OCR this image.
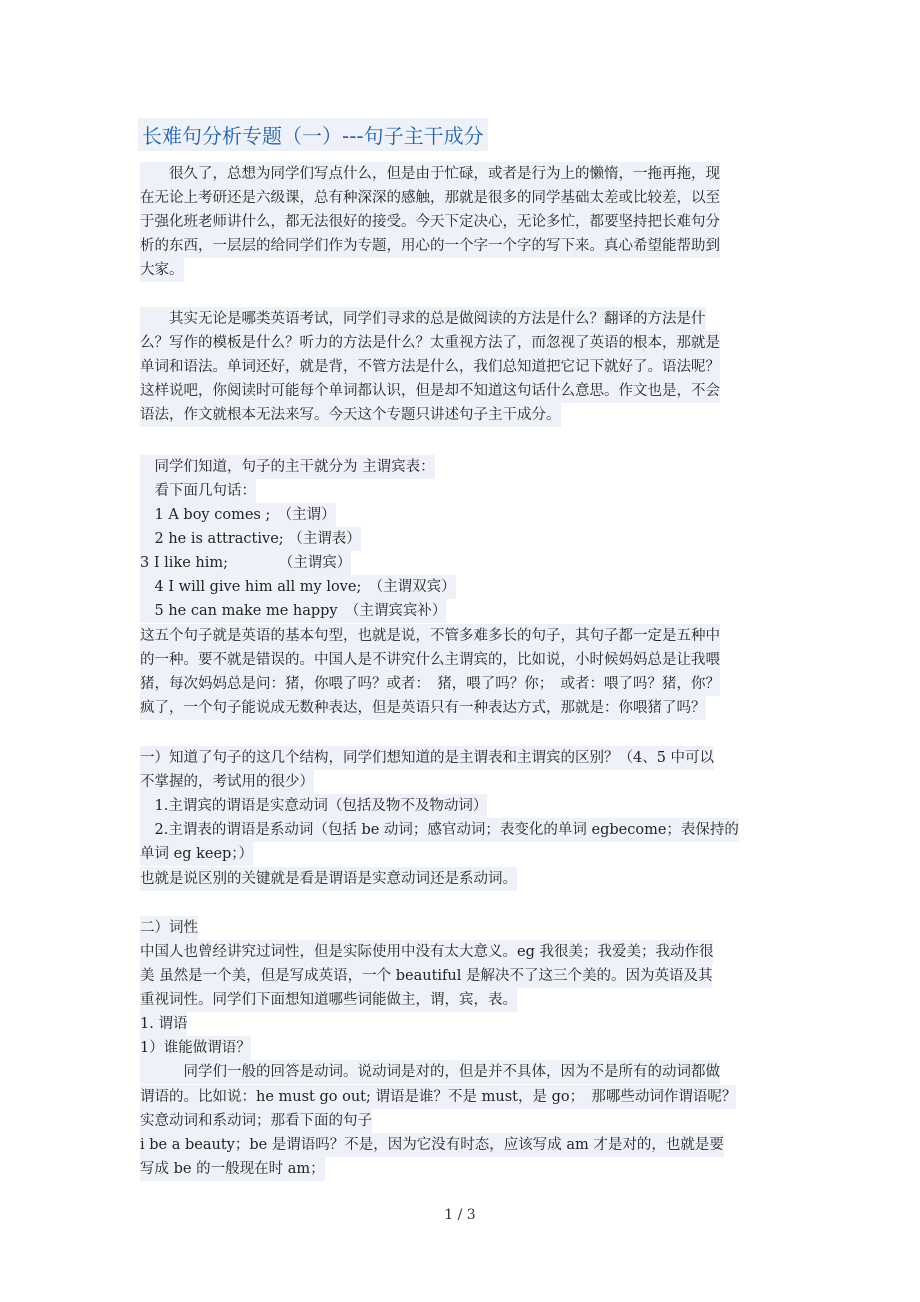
长难句分析专题（一）---句子主干成分
　　很久了，总想为同学们写点什么，但是由于忙碌，或者是行为上的懒惰，一拖再拖，现
在无论上考研还是六级课，总有种深深的感触，那就是很多的同学基础太差或比较差，以至
于强化班老师讲什么，都无法很好的接受。今天下定决心，无论多忙，都要坚持把长难句分
析的东西，一层层的给同学们作为专题，用心的一个字一个字的写下来。真心希望能帮助到
大家。
　　其实无论是哪类英语考试，同学们寻求的总是做阅读的方法是什么？翻译的方法是什
么？写作的模板是什么？听力的方法是什么？太重视方法了，而忽视了英语的根本，那就是
单词和语法。单词还好，就是背，不管方法是什么，我们总知道把它记下就好了。语法呢？
这样说吧，你阅读时可能每个单词都认识，但是却不知道这句话什么意思。作文也是，不会
语法，作文就根本无法来写。今天这个专题只讲述句子主干成分。
　同学们知道，句子的主干就分为 主谓宾表：
　看下面几句话：
　1 A boy comes ;　（主谓）
　2 he is attractive; （主谓表）
3 I like him;　　　　（主谓宾）
　4 I will give him all my love;　（主谓双宾）
　5 he can make me happy　（主谓宾宾补）
这五个句子就是英语的基本句型，也就是说，不管多难多长的句子，其句子都一定是五种中
的一种。要不就是错误的。中国人是不讲究什么主谓宾的，比如说，小时候妈妈总是让我喂
猪，每次妈妈总是问：猪，你喂了吗？或者：　猪，喂了吗？你；　或者：喂了吗？猪，你？
疯了，一个句子能说成无数种表达，但是英语只有一种表达方式，那就是：你喂猪了吗？
一）知道了句子的这几个结构，同学们想知道的是主谓表和主谓宾的区别？（4、5 中可以
不掌握的，考试用的很少）
　1.主谓宾的谓语是实意动词（包括及物不及物动词）
　2.主谓表的谓语是系动词（包括 be 动词；感官动词；表变化的单词 egbecome；表保持的
单词 eg keep；）
也就是说区别的关键就是看是谓语是实意动词还是系动词。
二）词性
中国人也曾经讲究过词性，但是实际使用中没有太大意义。eg 我很美；我爱美；我动作很
美 虽然是一个美，但是写成英语，一个 beautiful 是解决不了这三个美的。因为英语及其
重视词性。同学们下面想知道哪些词能做主，谓，宾，表。
1. 谓语
1）谁能做谓语？
　　　同学们一般的回答是动词。说动词是对的，但是并不具体，因为不是所有的动词都做
谓语的。比如说：he must go out; 谓语是谁？不是 must，是 go；　那哪些动词作谓语呢？
实意动词和系动词；那看下面的句子
i be a beauty；be 是谓语吗？不是，因为它没有时态，应该写成 am 才是对的，也就是要
写成 be 的一般现在时 am；
1 / 3
